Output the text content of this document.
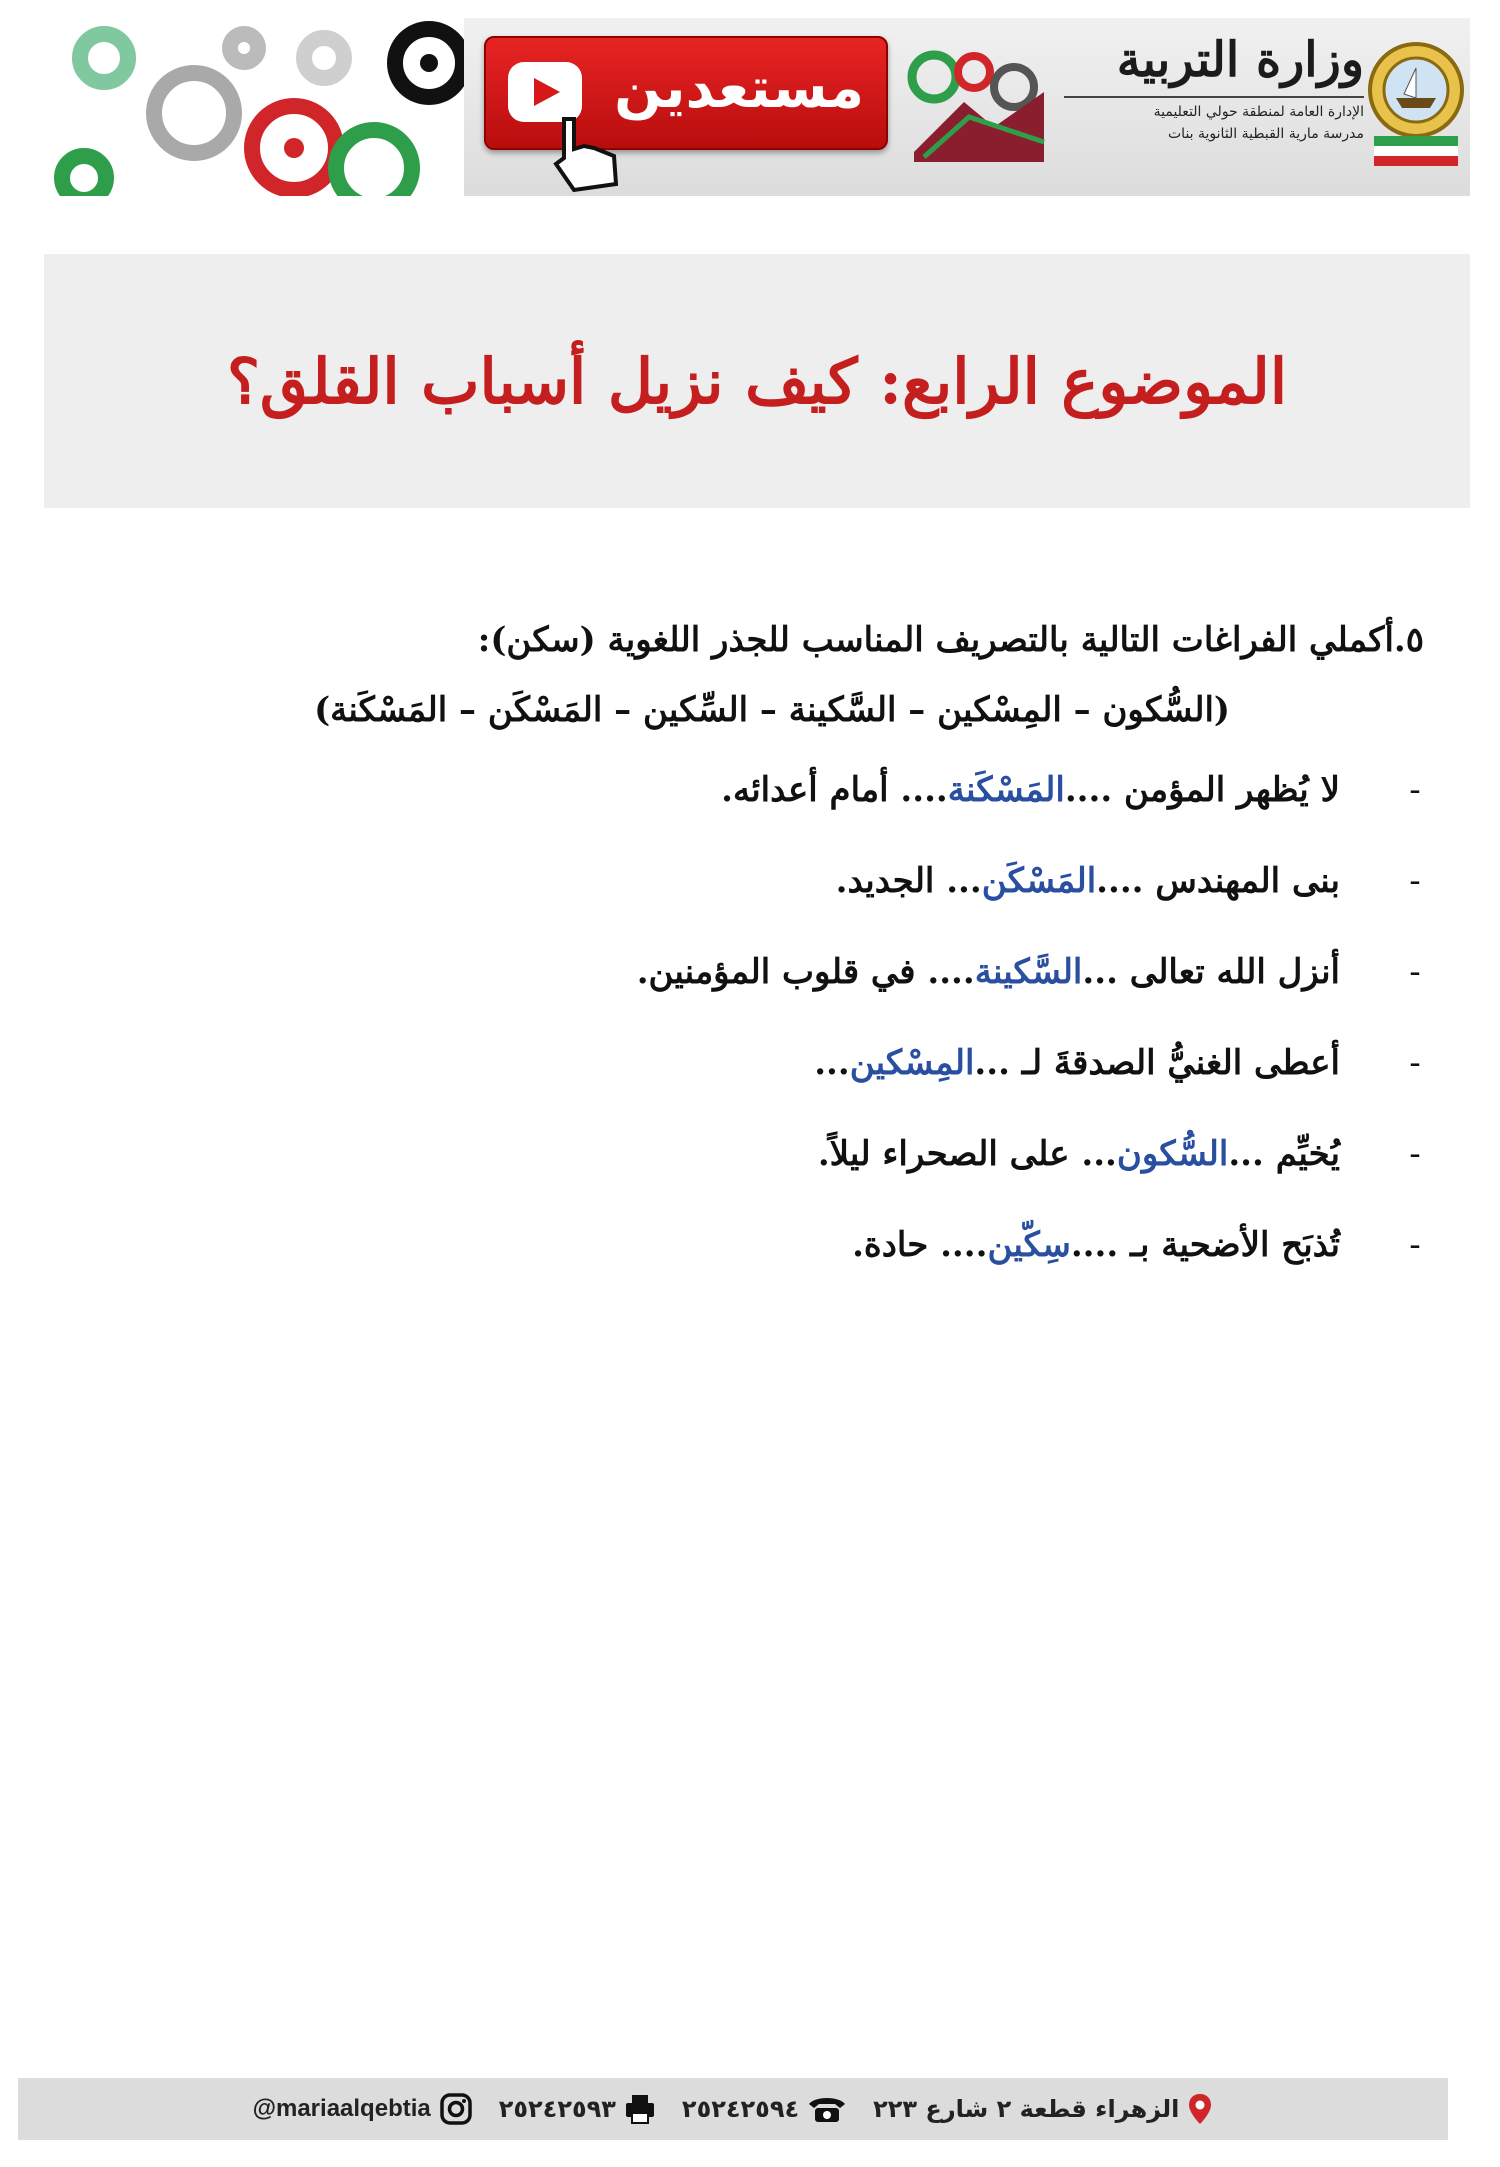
مستعدين	وزارة التربية
الإدارة العامة لمنطقة حولي التعليمية
مدرسة مارية القبطية الثانوية بنات
الموضوع الرابع: كيف نزيل أسباب القلق؟

٥.أكملي الفراغات التالية بالتصريف المناسب للجذر اللغوية (سكن):

(السُّكون – المِسْكين – السَّكينة – السِّكين – المَسْكَن – المَسْكَنة)

-
لا يُظهر المؤمن ....المَسْكَنة.... أمام أعدائه.
-
بنى المهندس ....المَسْكَن... الجديد.
-
أنزل الله تعالى ...السَّكينة.... في قلوب المؤمنين.
-
أعطى الغنيُّ الصدقةَ لـ ...المِسْكين...
-
يُخيِّم ...السُّكون... على الصحراء ليلاً.
-
تُذبَح الأضحية بـ ....سِكّين.... حادة.
الزهراء قطعة ٢ شارع ٢٢٣
٢٥٢٤٢٥٩٤
٢٥٢٤٢٥٩٣
@mariaalqebtia
